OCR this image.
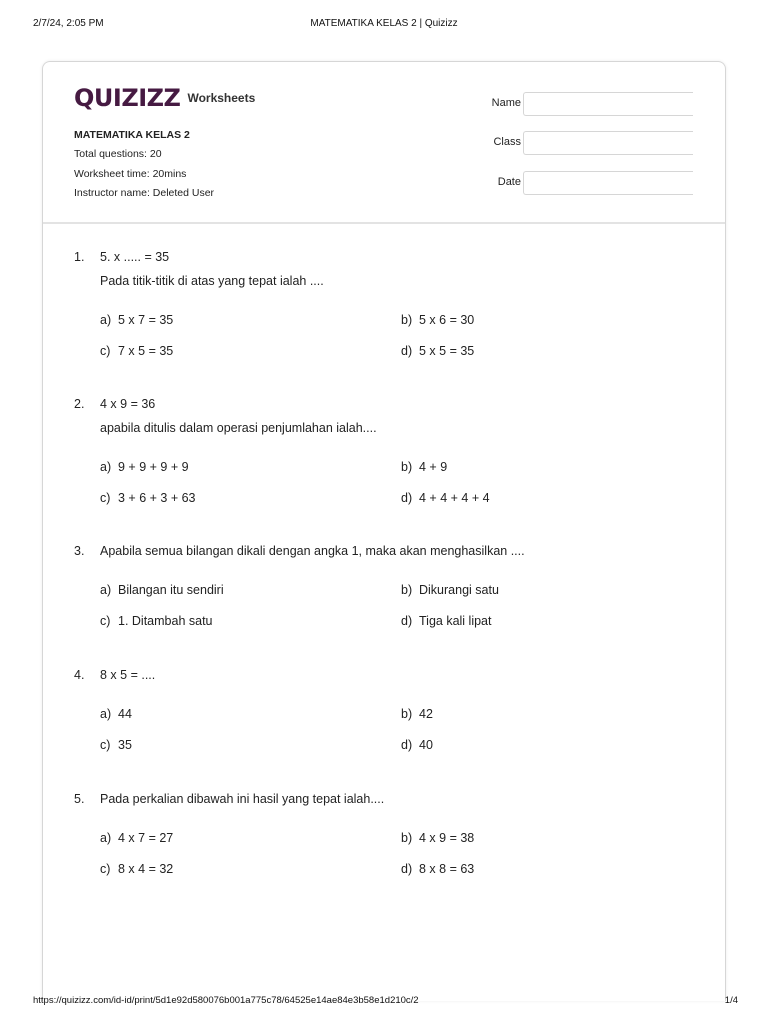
2/7/24, 2:05 PM	MATEMATIKA KELAS 2 | Quizizz
QUIZIZZ Worksheets
MATEMATIKA KELAS 2
Total questions: 20
Worksheet time: 20mins
Instructor name: Deleted User
Name
Class
Date
1. 5. x ..... = 35
Pada titik-titik di atas yang tepat ialah ....
a) 5 x 7 = 35	b) 5 x 6 = 30
c) 7 x 5 = 35	d) 5 x 5 = 35
2. 4 x 9 = 36
apabila ditulis dalam operasi penjumlahan ialah....
a) 9 + 9 + 9 + 9	b) 4 + 9
c) 3 + 6 + 3 + 63	d) 4 + 4 + 4 + 4
3. Apabila semua bilangan dikali dengan angka 1, maka akan menghasilkan ....
a) Bilangan itu sendiri	b) Dikurangi satu
c) 1. Ditambah satu	d) Tiga kali lipat
4. 8 x 5 = ....
a) 44	b) 42
c) 35	d) 40
5. Pada perkalian dibawah ini hasil yang tepat ialah....
a) 4 x 7 = 27	b) 4 x 9 = 38
c) 8 x 4 = 32	d) 8 x 8 = 63
https://quizizz.com/id-id/print/5d1e92d580076b001a775c78/64525e14ae84e3b58e1d210c/2	1/4
